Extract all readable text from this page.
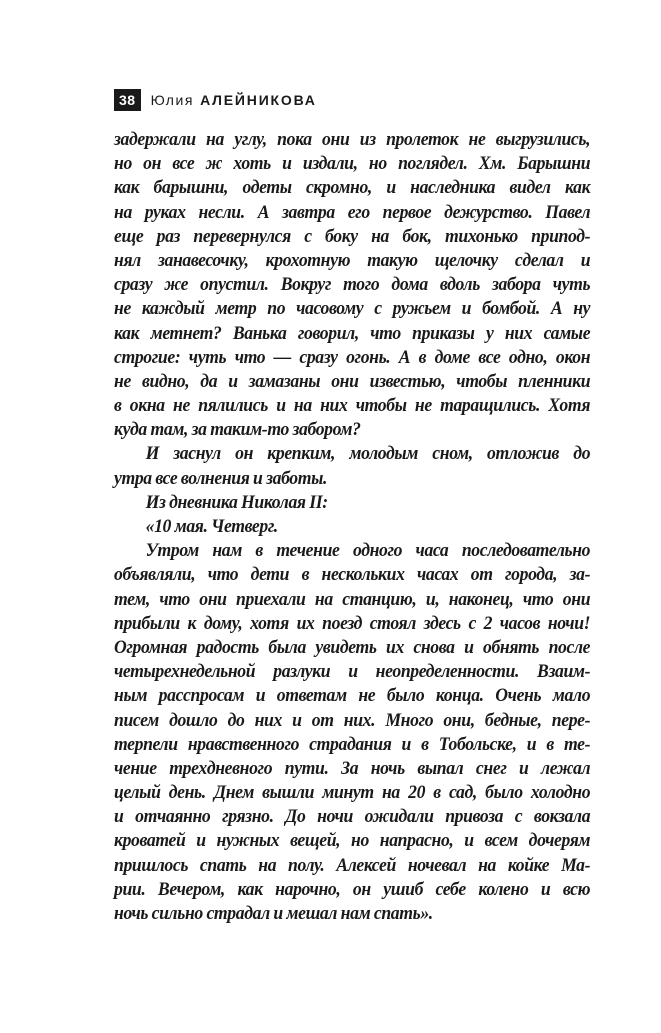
38	Юлия АЛЕЙНИКОВА
задержали на углу, пока они из пролеток не выгрузились,
но он все ж хоть и издали, но поглядел. Хм. Барышни
как барышни, одеты скромно, и наследника видел как
на руках несли. А завтра его первое дежурство. Павел
еще раз перевернулся с боку на бок, тихонько припод-
нял занавесочку, крохотную такую щелочку сделал и
сразу же опустил. Вокруг того дома вдоль забора чуть
не каждый метр по часовому с ружьем и бомбой. А ну
как метнет? Ванька говорил, что приказы у них самые
строгие: чуть что — сразу огонь. А в доме все одно, окон
не видно, да и замазаны они известью, чтобы пленники
в окна не пялились и на них чтобы не таращились. Хотя
куда там, за таким-то забором?
И заснул он крепким, молодым сном, отложив до
утра все волнения и заботы.
Из дневника Николая II:
«10 мая. Четверг.
Утром нам в течение одного часа последовательно
объявляли, что дети в нескольких часах от города, за-
тем, что они приехали на станцию, и, наконец, что они
прибыли к дому, хотя их поезд стоял здесь с 2 часов ночи!
Огромная радость была увидеть их снова и обнять после
четырехнедельной разлуки и неопределенности. Взаим-
ным расспросам и ответам не было конца. Очень мало
писем дошло до них и от них. Много они, бедные, пере-
терпели нравственного страдания и в Тобольске, и в те-
чение трехдневного пути. За ночь выпал снег и лежал
целый день. Днем вышли минут на 20 в сад, было холодно
и отчаянно грязно. До ночи ожидали привоза с вокзала
кроватей и нужных вещей, но напрасно, и всем дочерям
пришлось спать на полу. Алексей ночевал на койке Ма-
рии. Вечером, как нарочно, он ушиб себе колено и всю
ночь сильно страдал и мешал нам спать».
